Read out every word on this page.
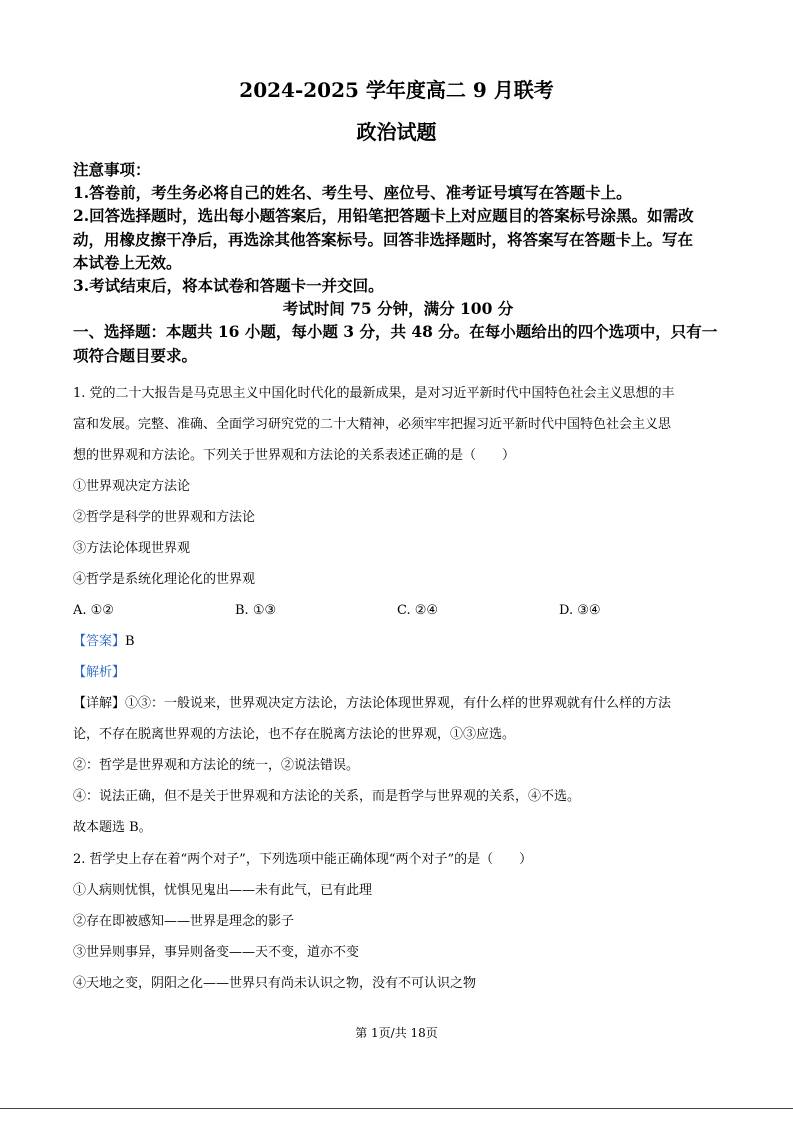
2024-2025 学年度高二 9 月联考
政治试题

注意事项：

1.答卷前，考生务必将自己的姓名、考生号、座位号、准考证号填写在答题卡上。

2.回答选择题时，选出每小题答案后，用铅笔把答题卡上对应题目的答案标号涂黑。如需改

动，用橡皮擦干净后，再选涂其他答案标号。回答非选择题时，将答案写在答题卡上。写在

本试卷上无效。

3.考试结束后，将本试卷和答题卡一并交回。

考试时间 75 分钟，满分 100 分

一、选择题：本题共 16 小题，每小题 3 分，共 48 分。在每小题给出的四个选项中，只有一

项符合题目要求。

1. 党的二十大报告是马克思主义中国化时代化的最新成果，是对习近平新时代中国特色社会主义思想的丰

富和发展。完整、准确、全面学习研究党的二十大精神，必须牢牢把握习近平新时代中国特色社会主义思

想的世界观和方法论。下列关于世界观和方法论的关系表述正确的是（　　）

①世界观决定方法论

②哲学是科学的世界观和方法论

③方法论体现世界观

④哲学是系统化理论化的世界观

A. ①②	B. ①③	C. ②④	D. ③④

【答案】B

【解析】

【详解】①③：一般说来，世界观决定方法论，方法论体现世界观，有什么样的世界观就有什么样的方法

论，不存在脱离世界观的方法论，也不存在脱离方法论的世界观，①③应选。

②：哲学是世界观和方法论的统一，②说法错误。

④：说法正确，但不是关于世界观和方法论的关系，而是哲学与世界观的关系，④不选。

故本题选 B。

2. 哲学史上存在着“两个对子”，下列选项中能正确体现“两个对子”的是（　　）

①人病则忧惧，忧惧见鬼出——未有此气，已有此理

②存在即被感知——世界是理念的影子

③世异则事异，事异则备变——天不变，道亦不变

④天地之变，阴阳之化——世界只有尚未认识之物，没有不可认识之物

第 1页/共 18页
